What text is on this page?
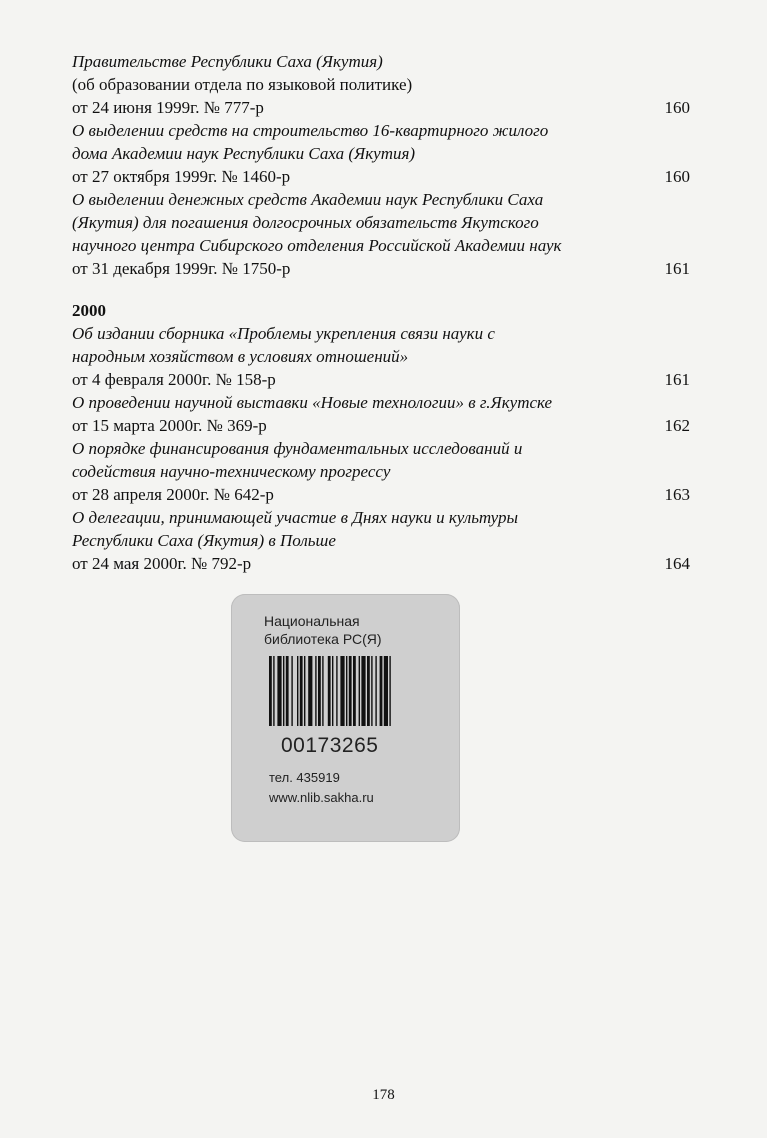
Правительстве Республики Саха (Якутия)
(об образовании отдела по языковой политике)
от 24 июня 1999г. № 777-р	160
О выделении средств на строительство 16-квартирного жилого
дома Академии наук Республики Саха (Якутия)
от 27 октября 1999г. № 1460-р	160
О выделении денежных средств Академии наук Республики Саха
(Якутия) для погашения долгосрочных обязательств Якутского
научного центра Сибирского отделения Российской Академии наук
от 31 декабря 1999г. № 1750-р	161
2000
Об издании сборника «Проблемы укрепления связи науки с
народным хозяйством в условиях отношений»
от 4 февраля 2000г. № 158-р	161
О проведении научной выставки «Новые технологии» в г.Якутске
от 15 марта 2000г. № 369-р	162
О порядке финансирования фундаментальных исследований и
содействия научно-техническому прогрессу
от 28 апреля 2000г. № 642-р	163
О делегации, принимающей участие в Днях науки и культуры
Республики Саха (Якутия) в Польше
от 24 мая 2000г. № 792-р	164
Национальная
библиотека РС(Я)
00173265
тел. 435919
www.nlib.sakha.ru
178
